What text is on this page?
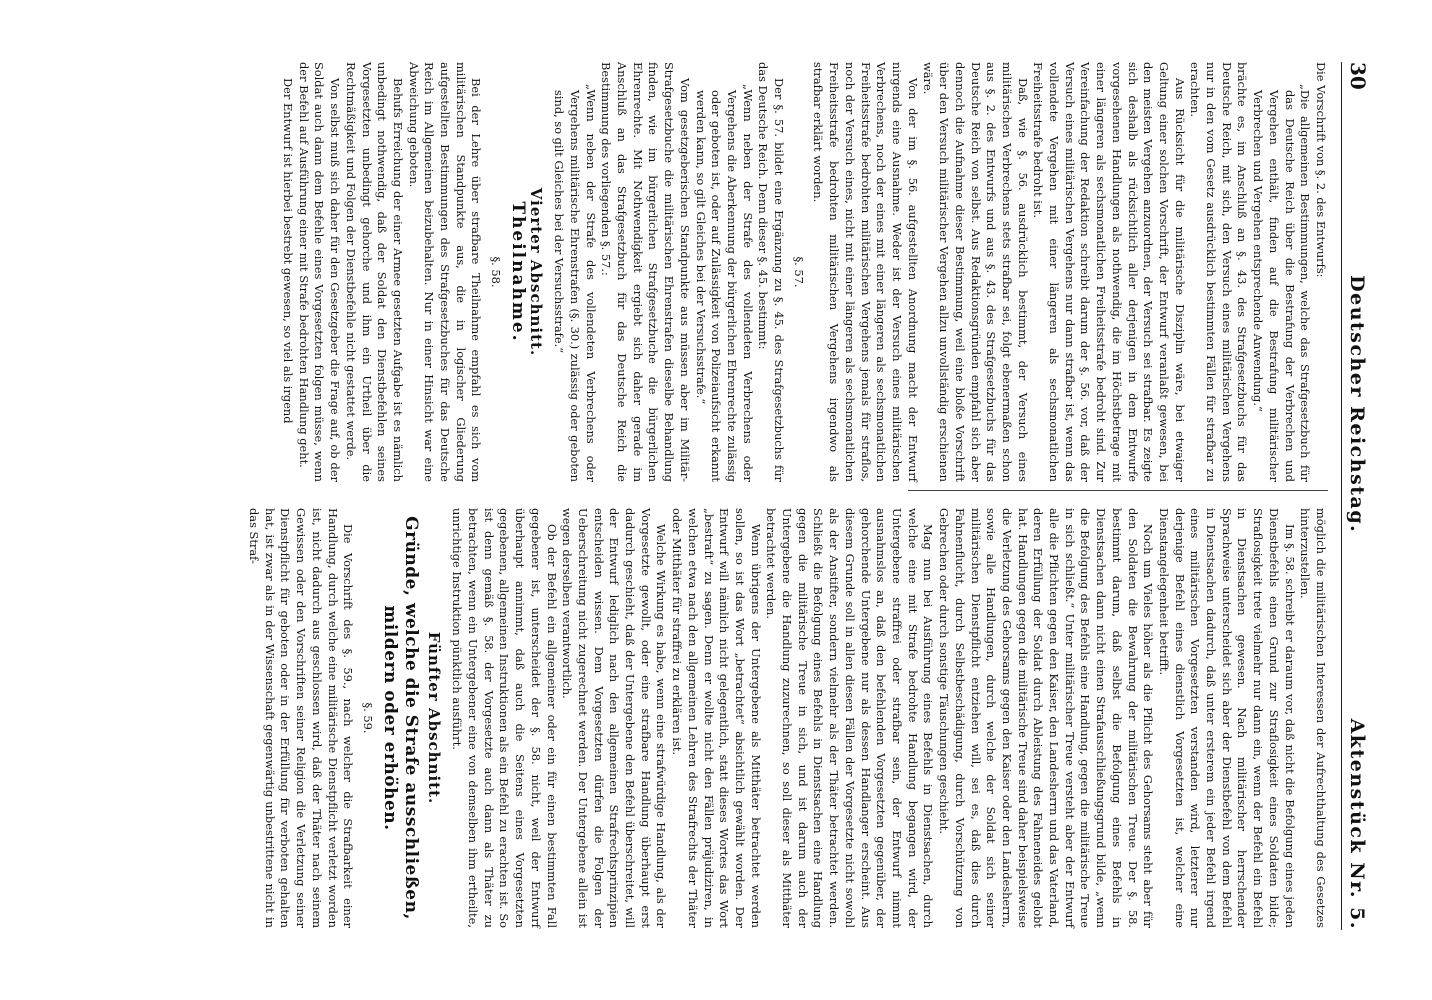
30
Deutscher Reichstag.
Aktenstück Nr. 5.

Die Vorschrift von §. 2. des Entwurfs:

„Die allgemeinen Bestimmungen, welche das Strafgesetzbuch für das Deutsche Reich über die Bestrafung der Verbrechen und Vergehen enthält, finden auf die Bestrafung militärischer Verbrechen und Vergehen entsprechende Anwendung.“

brächte es, im Anschluß an §. 43. des Strafgesetzbuchs für das Deutsche Reich, mit sich, den Versuch eines militärischen Vergehens nur in den vom Gesetz ausdrücklich bestimmten Fällen für strafbar zu erachten.

Aus Rücksicht für die militärische Disziplin wäre, bei etwaiger Geltung einer solchen Vorschrift, der Entwurf veranlaßt gewesen, bei den meisten Vergehen anzuordnen, der Versuch sei strafbar. Es zeigte sich deshalb als rücksichtlich aller derjenigen in dem Entwurfe vorgesehenen Handlungen als nothwendig, die im Höchstbetrage mit einer längeren als sechsmonatlichen Freiheitsstrafe bedroht sind. Zur Vereinfachung der Redaktion schreibt darum der §. 56. vor, daß der Versuch eines militärischen Vergehens nur dann strafbar ist, wenn das vollendete Vergehen mit einer längeren als sechsmonatlichen Freiheitsstrafe bedroht ist.

Daß, wie §. 56. ausdrücklich bestimmt, der Versuch eines militärischen Verbrechens stets strafbar sei, folgt ebenermaßen schon aus §. 2. des Entwurfs und aus §. 43. des Strafgesetzbuchs für das Deutsche Reich von selbst. Aus Redaktionsgründen empfahl sich aber dennoch die Aufnahme dieser Bestimmung, weil eine bloße Vorschrift über den Versuch militärischer Vergehen allzu unvollständig erschienen wäre.

Von der im §. 56. aufgestellten Anordnung macht der Entwurf nirgends eine Ausnahme. Weder ist der Versuch eines militärischen Verbrechens, noch der eines mit einer längeren als sechsmonatlichen Freiheitsstrafe bedrohten militärischen Vergehens jemals für straflos, noch der Versuch eines, nicht mit einer längeren als sechsmonatlichen Freiheitsstrafe bedrohten militärischen Vergehens irgendwo als strafbar erklärt worden.

§. 57.

Der §. 57. bildet eine Ergänzung zu §. 45. des Strafgesetzbuchs für das Deutsche Reich. Denn dieser §. 45. bestimmt:

„Wenn neben der Strafe des vollendeten Verbrechens oder Vergehens die Aberkennung der bürgerlichen Ehrenrechte zulässig oder geboten ist, oder auf Zulässigkeit von Polizeiaufsicht erkannt werden kann, so gilt Gleiches bei der Versuchsstrafe.“

Vom gesetzgeberischen Standpunkte aus müssen aber im Militär-Strafgesetzbuche die militärischen Ehrenstrafen dieselbe Behandlung finden, wie im bürgerlichen Strafgesetzbuche die bürgerlichen Ehrenrechte. Mit Nothwendigkeit ergiebt sich daher gerade im Anschluß an das Strafgesetzbuch für das Deutsche Reich die Bestimmung des vorliegenden §. 57.:

„Wenn neben der Strafe des vollendeten Verbrechens oder Vergehens militärische Ehrenstrafen (§. 30.) zulässig oder geboten sind, so gilt Gleiches bei der Versuchsstrafe.“

Vierter Abschnitt.
Theilnahme.
§. 58.

Bei der Lehre über strafbare Theilnahme empfahl es sich vom militärischen Standpunkte aus, die in logischer Gliederung aufgestellten Bestimmungen des Strafgesetzbuches für das Deutsche Reich im Allgemeinen beizubehalten. Nur in einer Hinsicht war eine Abweichung geboten.

Behufs Erreichung der einer Armee gesetzten Aufgabe ist es nämlich unbedingt nothwendig, daß der Soldat den Dienstbefehlen seines Vorgesetzten unbedingt gehorche und ihm ein Urtheil über die Rechtmäßigkeit und Folgen der Dienstbefehle nicht gestattet werde.

Von selbst muß sich daher für den Gesetzgeber die Frage auf, ob der Soldat auch dann dem Befehle eines Vorgesetzten folgen müsse, wenn der Befehl auf Ausführung einer mit Strafe bedrohten Handlung geht.

Der Entwurf ist hierbei bestrebt gewesen, so viel als irgend

möglich die militärischen Interessen der Aufrechthaltung des Gesetzes hinterzustellen.

Im §. 58. schreibt er daraum vor, daß nicht die Befolgung eines jeden Dienstbefehls einen Grund zur Straflosigkeit eines Soldaten bilde; Straflosigkeit trete vielmehr nur dann ein, wenn der Befehl ein Befehl in Dienstsachen gewesen. Nach militärischer herrschender Sprachweise unterscheidet sich aber der Dienstbefehl von dem Befehl in Dienstsachen dadurch, daß unter ersterem ein jeder Befehl irgend eines militärischen Vorgesetzten verstanden wird, letzterer nur derjenige Befehl eines dienstlich Vorgesetzten ist, welcher eine Dienstangelegenheit betrifft.

Noch um Vieles höher als die Pflicht des Gehorsams steht aber für den Soldaten die Bewahrung der militärischen Treue. Der §. 58. bestimmt darum, daß selbst die Befolgung eines Befehls in Dienstsachen dann nicht einen Strafausschließungsgrund bilde, „wenn die Befolgung des Befehls eine Handlung, gegen die militärische Treue in sich schließt.“ Unter militärischer Treue versteht aber der Entwurf alle die Pflichten gegen den Kaiser, den Landesherrn und das Vaterland, deren Erfüllung der Soldat durch Ableistung des Fahneneides gelobt hat. Handlungen gegen die militärische Treue sind daher beispielsweise die Verletzung des Gehorsams gegen den Kaiser oder den Landesherrn, sowie alle Handlungen, durch welche der Soldat sich seiner militärischen Dienstpflicht entziehen will, sei es, daß dies durch Fahnenflucht, durch Selbstbeschädigung, durch Vorschützung von Gebrechen oder durch sonstige Täuschungen geschieht.

Mag nun bei Ausführung eines Befehls in Dienstsachen, durch welche eine mit Strafe bedrohte Handlung begangen wird, der Untergebene straffrei oder strafbar sein, der Entwurf nimmt ausnahmslos an, daß den befehlenden Vorgesetzten gegenüber, der gehorchende Untergebene nur als dessen Handlanger erscheint. Aus diesem Grunde soll in allen diesen Fällen der Vorgesetzte nicht sowohl als der Anstifter, sondern vielmehr als der Thäter betrachtet werden. Schließt die Befolgung eines Befehls in Dienstsachen eine Handlung gegen die militärische Treue in sich, und ist darum auch der Untergebene die Handlung zuzurechnen, so soll dieser als Mitthäter betrachtet werden.

Wenn übrigens der Untergebene als Mitthäter betrachtet werden sollen, so ist das Wort „betrachtet“ absichtlich gewählt worden. Der Entwurf will nämlich nicht gelegentlich, statt dieses Wortes das Wort „bestraft“ zu sagen. Denn er wollte nicht den Fällen präjudiziren, in welchen etwa nach den allgemeinen Lehren des Strafrechts der Thäter oder Mitthäter für straffrei zu erklären ist.

Welche Wirkung es habe, wenn eine strafwürdige Handlung, als der Vorgesetzte gewollt, oder eine strafbare Handlung überhaupt erst dadurch geschieht, daß der Untergebene den Befehl überschreitet, will der Entwurf lediglich nach den allgemeinen Strafrechtsprinzipien entscheiden wissen. Dem Vorgesetzten dürfen die Folgen der Ueberschreitung nicht zugerechnet werden. Der Untergebene allein ist wegen derselben verantwortlich.

Ob der Befehl ein allgemeiner oder ein für einen bestimmten Fall gegebener ist, unterscheidet der §. 58. nicht, weil der Entwurf überhaupt annimmt, daß auch die Seitens eines Vorgesetzten gegebenen, allgemeinen Instruktionen als ein Befehl zu erachten ist. So ist denn gemäß §. 58. der Vorgesetzte auch dann als Thäter zu betrachten, wenn ein Untergebener eine von demselben ihm ertheilte, unrichtige Instruktion pünktlich ausführt.

Fünfter Abschnitt.
Gründe, welche die Strafe ausschließen, mildern oder erhöhen.
§. 59.

Die Vorschrift des §. 59., nach welcher die Strafbarkeit einer Handlung, durch welche eine militärische Dienstpflicht verletzt worden ist, nicht dadurch aus geschlossen wird, daß der Thäter nach seinem Gewissen oder den Vorschriften seiner Religion die Verletzung seiner Dienstpflicht für geboten oder in der Erfüllung für verboten gehalten hat, ist zwar als in der Wissenschaft gegenwärtig unbestrittene nicht in das Straf-
